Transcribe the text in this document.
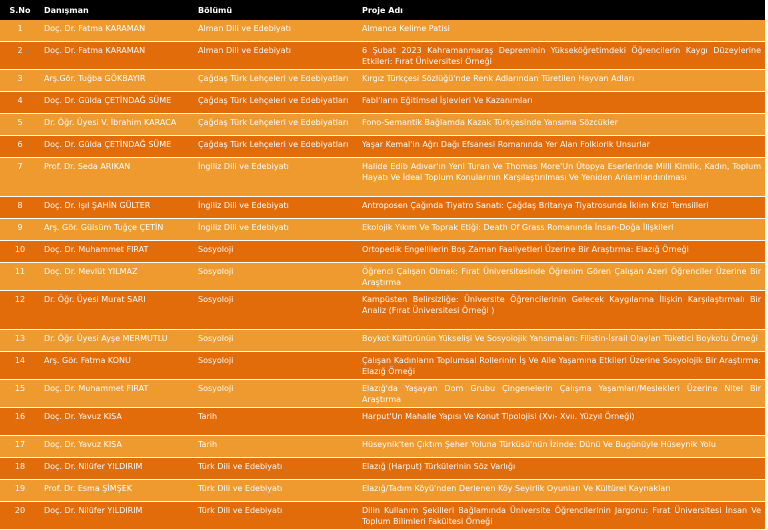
S.No	Danışman	Bölümü	Proje Adı
1	Doç. Dr. Fatma KARAMAN	Alman Dili ve Edebiyatı	Almanca Kelime Patisi
2	Doç. Dr. Fatma KARAMAN	Alman Dili ve Edebiyatı	6 Şubat 2023 Kahramanmaraş Depreminin Yükseköğretimdeki Öğrencilerin Kaygı Düzeylerine Etkileri: Fırat Üniversitesi Örneği
3	Arş.Gör. Tuğba GÖKBAYIR	Çağdaş Türk Lehçeleri ve Edebiyatları	Kırgız Türkçesi Sözlüğü'nde Renk Adlarından Türetilen Hayvan Adları
4	Doç. Dr. Gülda ÇETİNDAĞ SÜME	Çağdaş Türk Lehçeleri ve Edebiyatları	Fabl'ların Eğitimsel İşlevleri Ve Kazanımları
5	Dr. Öğr. Üyesi V. İbrahim KARACA	Çağdaş Türk Lehçeleri ve Edebiyatları	Fono-Semantik Bağlamda Kazak Türkçesinde Yansıma Sözcükler
6	Doç. Dr. Gülda ÇETİNDAĞ SÜME	Çağdaş Türk Lehçeleri ve Edebiyatları	Yaşar Kemal'in Ağrı Dağı Efsanesi Romanında Yer Alan Folklorik Unsurlar
7	Prof. Dr. Seda ARIKAN	İngiliz Dili ve Edebiyatı	Halide Edib Adıvar'ın Yeni Turan Ve Thomas More'Un Ütopya Eserlerinde Milli Kimlik, Kadın, Toplum Hayatı Ve İdeal Toplum Konularının Karşılaştırılması Ve Yeniden Anlamlandırılması
8	Doç. Dr. Işıl ŞAHİN GÜLTER	İngiliz Dili ve Edebiyatı	Antroposen Çağında Tiyatro Sanatı: Çağdaş Britanya Tiyatrosunda İklim Krizi Temsilleri
9	Arş. Gör. Gülsüm Tuğçe ÇETİN	İngiliz Dili ve Edebiyatı	Ekolojik Yıkım Ve Toprak Etiği: Death Of Grass Romanında İnsan-Doğa İlişkileri
10	Doç. Dr. Muhammet FIRAT	Sosyoloji	Ortopedik Engellilerin Boş Zaman Faaliyetleri Üzerine Bir Araştırma: Elazığ Örneği
11	Doç. Dr. Mevlüt YILMAZ	Sosyoloji	Öğrenci Çalışan Olmak: Fırat Üniversitesinde Öğrenim Gören Çalışan Azeri Öğrenciler Üzerine Bir Araştırma
12	Dr. Öğr. Üyesi Murat SARI	Sosyoloji	Kampüsten Belirsizliğe: Üniversite Öğrencilerinin Gelecek Kaygılarına İlişkin Karşılaştırmalı Bir Analiz (Fırat Üniversitesi Örneği )
13	Dr. Öğr. Üyesi Ayşe MERMUTLU	Sosyoloji	Boykot Kültürünün Yükselişi Ve Sosyolojik Yansımaları: Filistin-İsrail Olayları Tüketici Boykotu Örneği
14	Arş. Gör. Fatma KONU	Sosyoloji	Çalışan Kadınların Toplumsal Rollerinin İş Ve Aile Yaşamına Etkileri Üzerine Sosyolojik Bir Araştırma: Elazığ Örneği
15	Doç. Dr. Muhammet FIRAT	Sosyoloji	Elazığ'da Yaşayan Dom Grubu Çingenelerin Çalışma Yaşamları/Meslekleri Üzerine Nitel Bir Araştırma
16	Doç. Dr. Yavuz KISA	Tarih	Harput'Un Mahalle Yapısı Ve Konut Tipolojisi (Xvı- Xvıı. Yüzyıl Örneği)
17	Doç. Dr. Yavuz KISA	Tarih	Hüseynik'ten Çıktım Şeher Yoluna Türküsü'nün İzinde: Dünü Ve Bugünüyle Hüseynik Yolu
18	Doç. Dr. Nilüfer YILDIRIM	Türk Dili ve Edebiyatı	Elazığ (Harput) Türkülerinin Söz Varlığı
19	Prof. Dr. Esma ŞİMŞEK	Türk Dili ve Edebiyatı	Elazığ/Tadım Köyü'nden Derlenen Köy Seyirlik Oyunları Ve Kültürel Kaynakları
20	Doç. Dr. Nilüfer YILDIRIM	Türk Dili ve Edebiyatı	Dilin Kullanım Şekilleri Bağlamında Üniversite Öğrencilerinin Jargonu: Fırat Üniversitesi İnsan Ve Toplum Bilimleri Fakültesi Örneği
